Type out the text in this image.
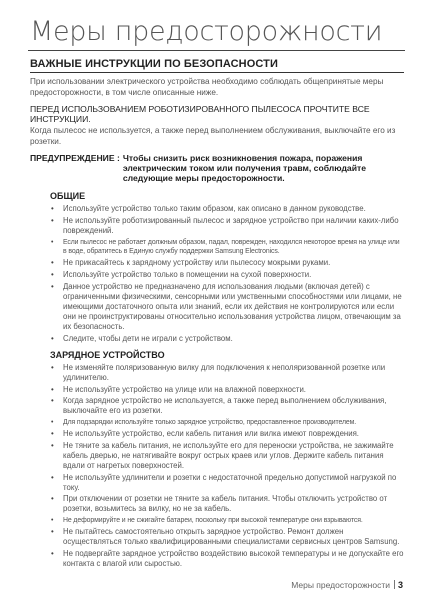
Меры предосторожности
ВАЖНЫЕ ИНСТРУКЦИИ ПО БЕЗОПАСНОСТИ

При использовании электрического устройства необходимо соблюдать общепринятые меры предосторожности, в том числе описанные ниже.

ПЕРЕД ИСПОЛЬЗОВАНИЕМ РОБОТИЗИРОВАННОГО ПЫЛЕСОСА ПРОЧТИТЕ ВСЕ ИНСТРУКЦИИ.

Когда пылесос не используется, а также перед выполнением обслуживания, выключайте его из розетки.

ПРЕДУПРЕЖДЕНИЕ : Чтобы снизить риск возникновения пожара, поражения электрическим током или получения травм, соблюдайте следующие меры предосторожности.
ОБЩИЕ
• Используйте устройство только таким образом, как описано в данном руководстве.
• Не используйте роботизированный пылесос и зарядное устройство при наличии каких-либо повреждений.
• Если пылесос не работает должным образом, падал, поврежден, находился некоторое время на улице или в воде, обратитесь в Единую службу поддержки Samsung Electronics.
• Не прикасайтесь к зарядному устройству или пылесосу мокрыми руками.
• Используйте устройство только в помещении на сухой поверхности.
• Данное устройство не предназначено для использования людьми (включая детей) с ограниченными физическими, сенсорными или умственными способностями или лицами, не имеющими достаточного опыта или знаний, если их действия не контролируются или если они не проинструктированы относительно использования устройства лицом, отвечающим за их безопасность.
• Следите, чтобы дети не играли с устройством.
ЗАРЯДНОЕ УСТРОЙСТВО
• Не изменяйте поляризованную вилку для подключения к неполяризованной розетке или удлинителю.
• Не используйте устройство на улице или на влажной поверхности.
• Когда зарядное устройство не используется, а также перед выполнением обслуживания, выключайте его из розетки.
• Для подзарядки используйте только зарядное устройство, предоставленное производителем.
• Не используйте устройство, если кабель питания или вилка имеют повреждения.
• Не тяните за кабель питания, не используйте его для переноски устройства, не зажимайте кабель дверью, не натягивайте вокруг острых краев или углов. Держите кабель питания вдали от нагретых поверхностей.
• Не используйте удлинители и розетки с недостаточной предельно допустимой нагрузкой по току.
• При отключении от розетки не тяните за кабель питания. Чтобы отключить устройство от розетки, возьмитесь за вилку, но не за кабель.
• Не деформируйте и не сжигайте батареи, поскольку при высокой температуре они взрываются.
• Не пытайтесь самостоятельно открыть зарядное устройство. Ремонт должен осуществляться только квалифицированными специалистами сервисных центров Samsung.
• Не подвергайте зарядное устройство воздействию высокой температуры и не допускайте его контакта с влагой или сыростью.
Меры предосторожности 3
